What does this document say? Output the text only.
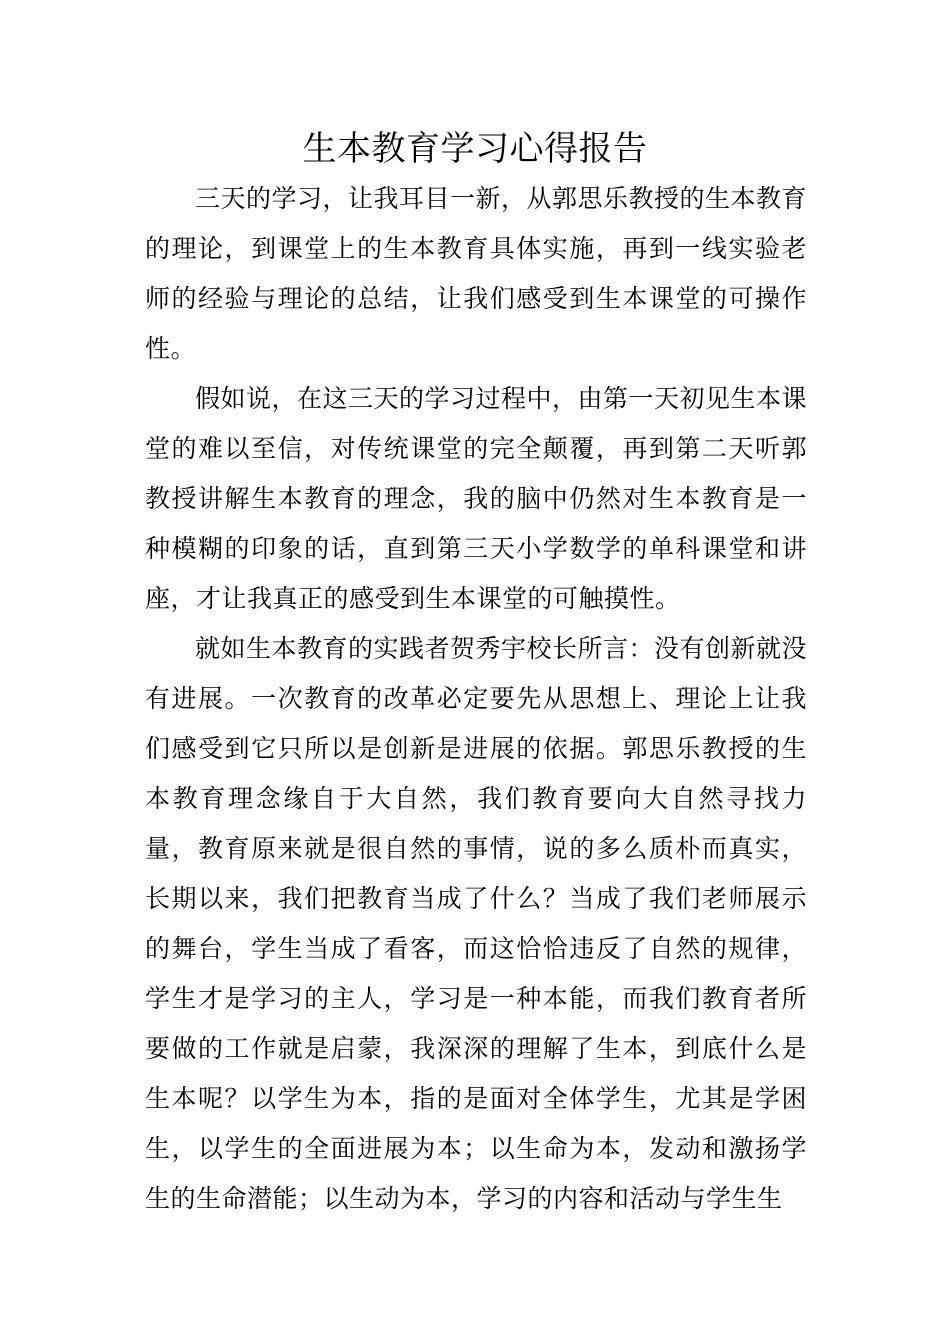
生本教育学习心得报告

三天的学习，让我耳目一新，从郭思乐教授的生本教育的理论，到课堂上的生本教育具体实施，再到一线实验老师的经验与理论的总结，让我们感受到生本课堂的可操作性。

假如说，在这三天的学习过程中，由第一天初见生本课堂的难以至信，对传统课堂的完全颠覆，再到第二天听郭教授讲解生本教育的理念，我的脑中仍然对生本教育是一种模糊的印象的话，直到第三天小学数学的单科课堂和讲座，才让我真正的感受到生本课堂的可触摸性。

就如生本教育的实践者贺秀宇校长所言：没有创新就没有进展。一次教育的改革必定要先从思想上、理论上让我们感受到它只所以是创新是进展的依据。郭思乐教授的生本教育理念缘自于大自然，我们教育要向大自然寻找力量，教育原来就是很自然的事情，说的多么质朴而真实，长期以来，我们把教育当成了什么？当成了我们老师展示的舞台，学生当成了看客，而这恰恰违反了自然的规律，学生才是学习的主人，学习是一种本能，而我们教育者所要做的工作就是启蒙，我深深的理解了生本，到底什么是生本呢？以学生为本，指的是面对全体学生，尤其是学困生，以学生的全面进展为本；以生命为本，发动和激扬学生的生命潜能；以生动为本，学习的内容和活动与学生生
